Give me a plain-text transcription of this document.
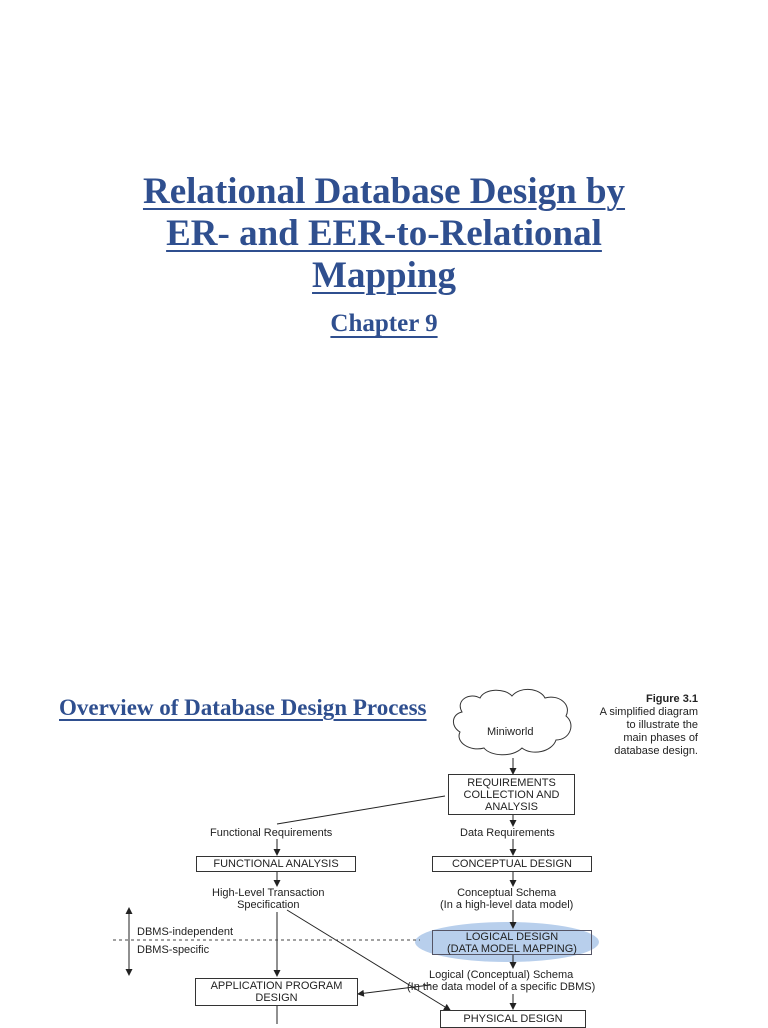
Relational Database Design by
ER- and EER-to-Relational
Mapping
Chapter 9
Overview of Database Design Process	Figure 3.1
A simplified diagram
to illustrate the
main phases of
database design.
Miniworld
REQUIREMENTS
COLLECTION AND
ANALYSIS
Functional Requirements	Data Requirements
FUNCTIONAL ANALYSIS	CONCEPTUAL DESIGN
High-Level Transaction
Specification
Conceptual Schema
(In a high-level data model)
DBMS-independent
DBMS-specific
LOGICAL DESIGN
(DATA MODEL MAPPING)
Logical (Conceptual) Schema
(In the data model of a specific DBMS)
APPLICATION PROGRAM
DESIGN
PHYSICAL DESIGN
